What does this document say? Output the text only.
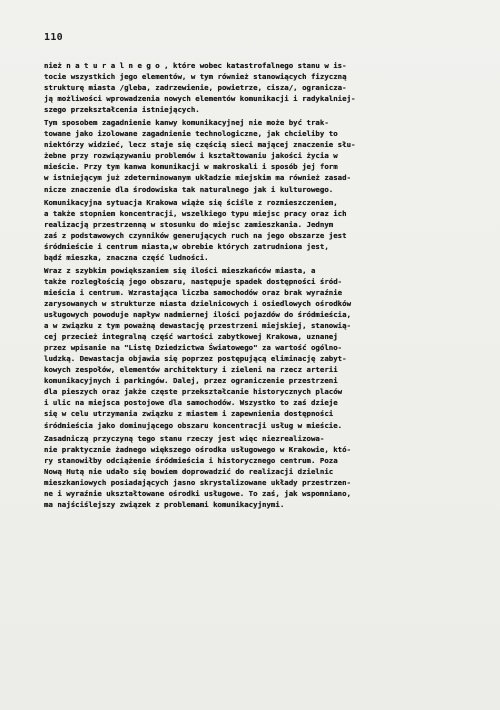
110
nież n a t u r a l n e g o , które wobec katastrofalnego stanu w is-
tocie wszystkich jego elementów, w tym również stanowiących fizyczną
strukturę miasta /gleba, zadrzewienie, powietrze, cisza/, ogranicza-
ją możliwości wprowadzenia nowych elementów komunikacji i radykalniej-
szego przekształcenia istniejących.
Tym sposobem zagadnienie kanwy komunikacyjnej nie może być trak-
towane jako izolowane zagadnienie technologiczne, jak chcieliby to
niektórzy widzieć, lecz staje się częścią sieci mającej znaczenie słu-
żebne przy rozwiązywaniu problemów i kształtowaniu jakości życia w
mieście. Przy tym kanwa komunikacji w makroskali i sposób jej form
w istniejącym już zdeterminowanym układzie miejskim ma również zasad-
nicze znaczenie dla środowiska tak naturalnego jak i kulturowego.
Komunikacyjna sytuacja Krakowa wiąże się ściśle z rozmieszczeniem,
a także stopniem koncentracji, wszelkiego typu miejsc pracy oraz ich
realizacją przestrzenną w stosunku do miejsc zamieszkania. Jednym
zaś z podstawowych czynników generujących ruch na jego obszarze jest
śródmieście i centrum miasta,w obrebie których zatrudniona jest,
bądź mieszka, znaczna część ludności.
Wraz z szybkim powiększaniem się ilości mieszkańców miasta, a
także rozległością jego obszaru, następuje spadek dostępności śród-
mieścia i centrum. Wzrastająca liczba samochodów oraz brak wyraźnie
zarysowanych w strukturze miasta dzielnicowych i osiedlowych ośrodków
usługowych powoduje napływ nadmiernej ilości pojazdów do śródmieścia,
a w związku z tym poważną dewastację przestrzeni miejskiej, stanowią-
cej przecież integralną część wartości zabytkowej Krakowa, uznanej
przez wpisanie na "Listę Dziedzictwa Światowego" za wartość ogólno-
ludzką. Dewastacja objawia się poprzez postępującą eliminację zabyt-
kowych zespołów, elementów architektury i zieleni na rzecz arterii
komunikacyjnych i parkingów. Dalej, przez ograniczenie przestrzeni
dla pieszych oraz jakże częste przekształcanie historycznych placów
i ulic na miejsca postojowe dla samochodów. Wszystko to zaś dzieje
się w celu utrzymania związku z miastem i zapewnienia dostępności
śródmieścia jako dominującego obszaru koncentracji usług w mieście.
Zasadniczą przyczyną tego stanu rzeczy jest więc niezrealizowa-
nie praktycznie żadnego większego ośrodka usługowego w Krakowie, któ-
ry stanowiłby odciążenie śródmieścia i historycznego centrum. Poza
Nową Hutą nie udało się bowiem doprowadzić do realizacji dzielnic
mieszkaniowych posiadających jasno skrystalizowane układy przestrzen-
ne i wyraźnie ukształtowane ośrodki usługowe. To zaś, jak wspomniano,
ma najściślejszy związek z problemami komunikacyjnymi.
